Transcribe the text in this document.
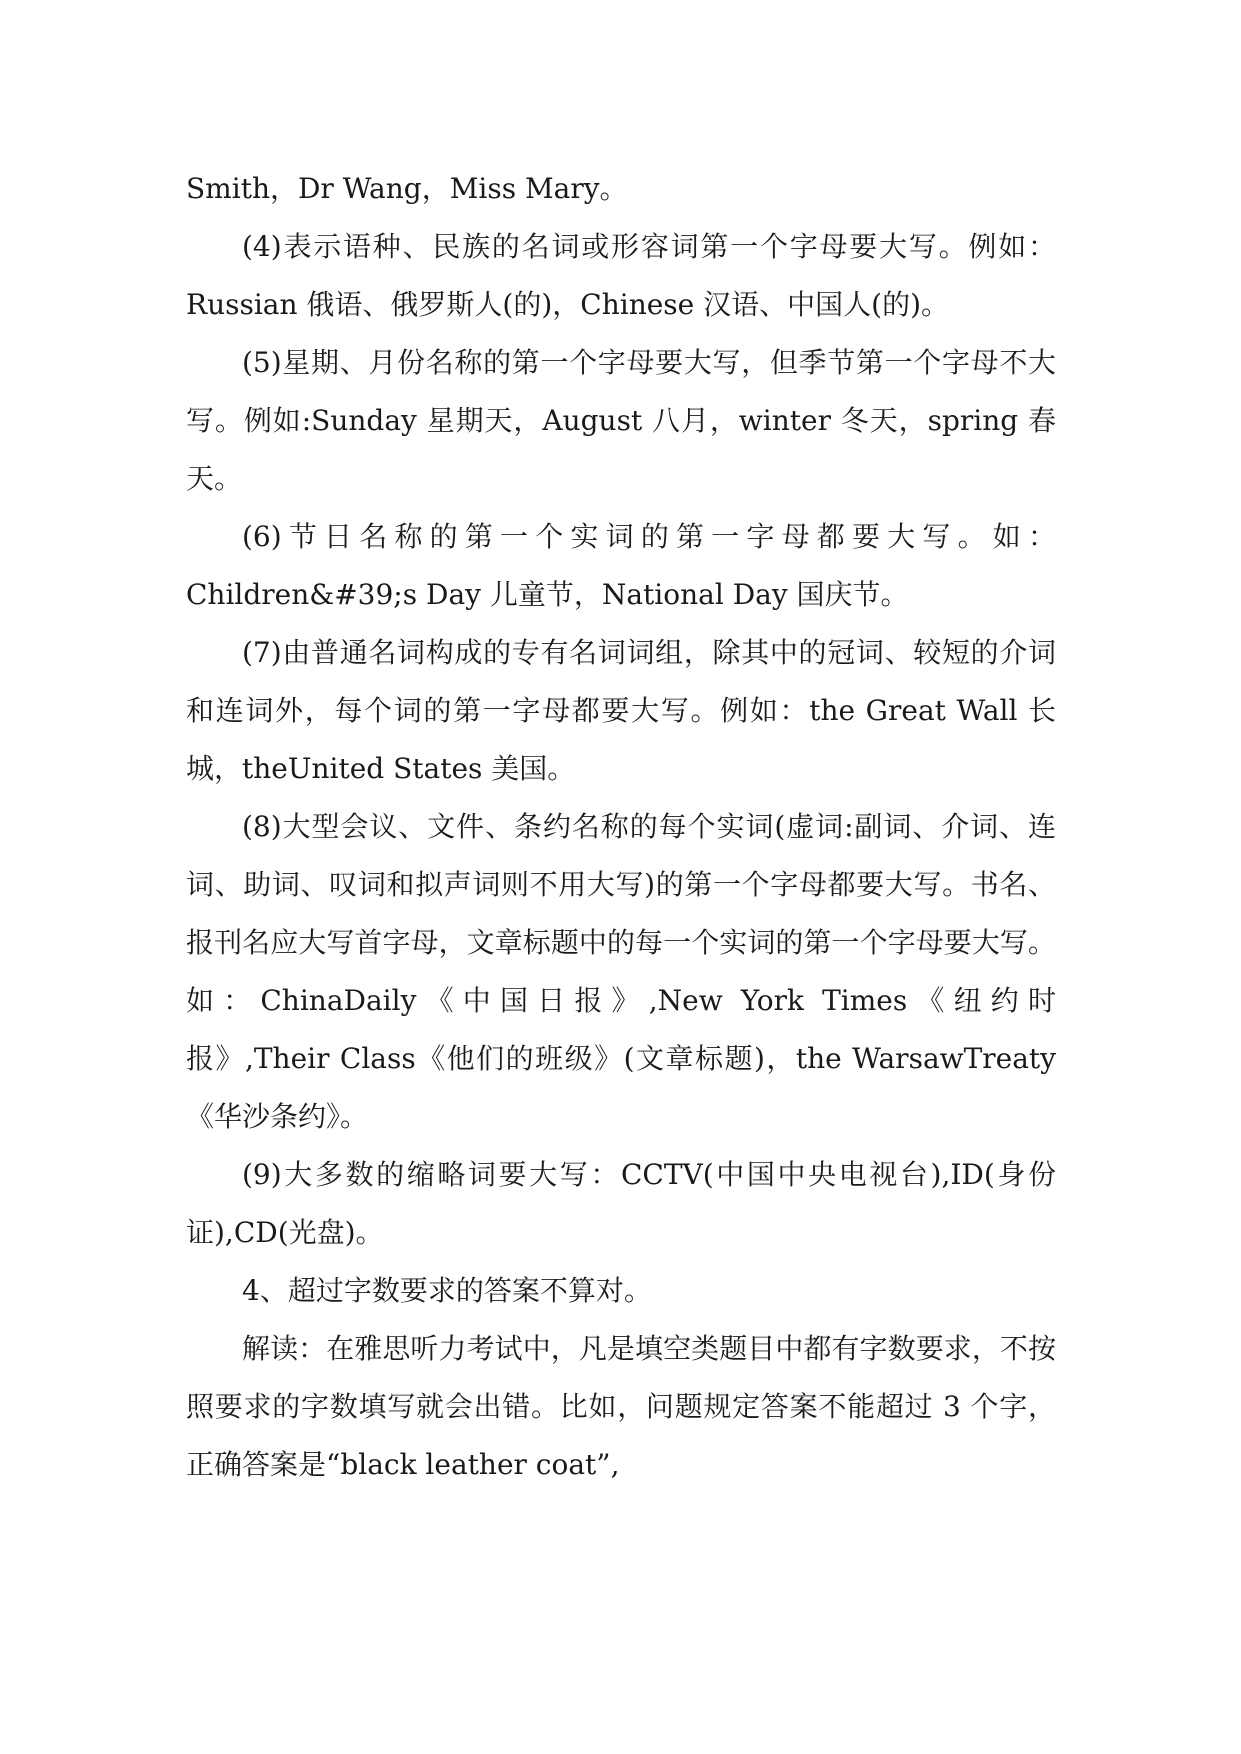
Smith，Dr Wang，Miss Mary。

(4)表示语种、民族的名词或形容词第一个字母要大写。例如：Russian 俄语、俄罗斯人(的)，Chinese 汉语、中国人(的)。

(5)星期、月份名称的第一个字母要大写，但季节第一个字母不大写。例如:Sunday 星期天，August 八月，winter 冬天，spring 春天。

(6)节日名称的第一个实词的第一字母都要大写。如：Children&#39;s Day 儿童节，National Day 国庆节。

(7)由普通名词构成的专有名词词组，除其中的冠词、较短的介词和连词外，每个词的第一字母都要大写。例如：the Great Wall 长城，theUnited States 美国。

(8)大型会议、文件、条约名称的每个实词(虚词:副词、介词、连词、助词、叹词和拟声词则不用大写)的第一个字母都要大写。书名、报刊名应大写首字母，文章标题中的每一个实词的第一个字母要大写。如：ChinaDaily《中国日报》,New York Times《纽约时报》,Their Class《他们的班级》(文章标题)，the WarsawTreaty《华沙条约》。

(9)大多数的缩略词要大写：CCTV(中国中央电视台),ID(身份证),CD(光盘)。

4、超过字数要求的答案不算对。

解读：在雅思听力考试中，凡是填空类题目中都有字数要求，不按照要求的字数填写就会出错。比如，问题规定答案不能超过 3 个字，正确答案是“black leather coat”,
